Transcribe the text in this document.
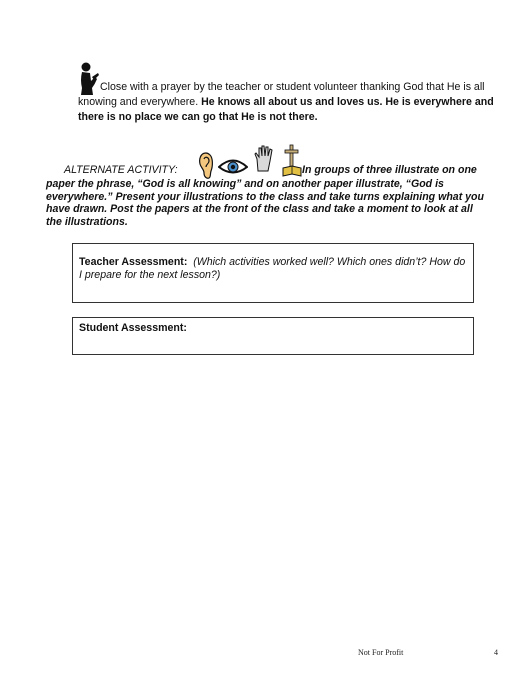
Close with a prayer by the teacher or student volunteer thanking God that He is all knowing and everywhere. He knows all about us and loves us. He is everywhere and there is no place we can go that He is not there.
ALTERNATE ACTIVITY:	In groups of three illustrate on one
paper the phrase, “God is all knowing” and on another paper illustrate, “God is everywhere.” Present your illustrations to the class and take turns explaining what you have drawn. Post the papers at the front of the class and take a moment to look at all the illustrations.
Teacher Assessment: (Which activities worked well? Which ones didn’t? How do I prepare for the next lesson?)
Student Assessment:
Not For Profit	4
